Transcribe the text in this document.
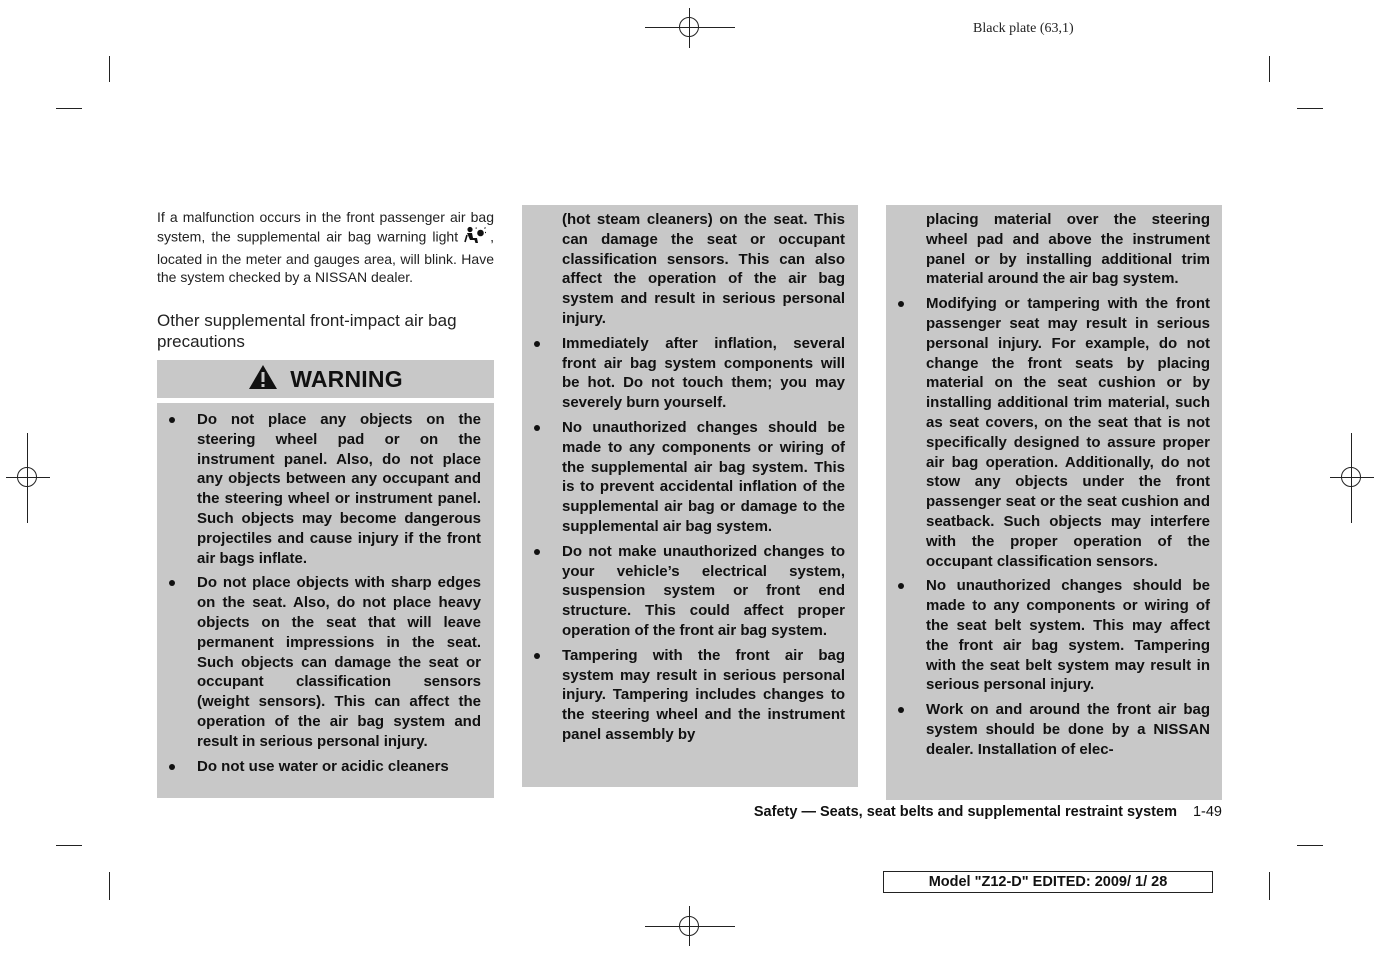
Black plate (63,1)
If a malfunction occurs in the front passenger air bag system, the supplemental air bag warning light , located in the meter and gauges area, will blink. Have the system checked by a NISSAN dealer.
Other supplemental front-impact air bag precautions
WARNING
Do not place any objects on the steering wheel pad or on the instrument panel. Also, do not place any objects between any occupant and the steering wheel or instrument panel. Such objects may become dangerous projectiles and cause injury if the front air bags inflate.
Do not place objects with sharp edges on the seat. Also, do not place heavy objects on the seat that will leave permanent impressions in the seat. Such objects can damage the seat or occupant classification sensors (weight sensors). This can affect the operation of the air bag system and result in serious personal injury.
Do not use water or acidic cleaners

(hot steam cleaners) on the seat. This can damage the seat or occupant classification sensors. This can also affect the operation of the air bag system and result in serious personal injury.

Immediately after inflation, several front air bag system components will be hot. Do not touch them; you may severely burn yourself.
No unauthorized changes should be made to any components or wiring of the supplemental air bag system. This is to prevent accidental inflation of the supplemental air bag or damage to the supplemental air bag system.
Do not make unauthorized changes to your vehicle’s electrical system, suspension system or front end structure. This could affect proper operation of the front air bag system.
Tampering with the front air bag system may result in serious personal injury. Tampering includes changes to the steering wheel and the instrument panel assembly by

placing material over the steering wheel pad and above the instrument panel or by installing additional trim material around the air bag system.

Modifying or tampering with the front passenger seat may result in serious personal injury. For example, do not change the front seats by placing material on the seat cushion or by installing additional trim material, such as seat covers, on the seat that is not specifically designed to assure proper air bag operation. Additionally, do not stow any objects under the front passenger seat or the seat cushion and seatback. Such objects may interfere with the proper operation of the occupant classification sensors.
No unauthorized changes should be made to any components or wiring of the seat belt system. This may affect the front air bag system. Tampering with the seat belt system may result in serious personal injury.
Work on and around the front air bag system should be done by a NISSAN dealer. Installation of elec-
Safety — Seats, seat belts and supplemental restraint system 1-49
Model "Z12-D" EDITED: 2009/ 1/ 28
